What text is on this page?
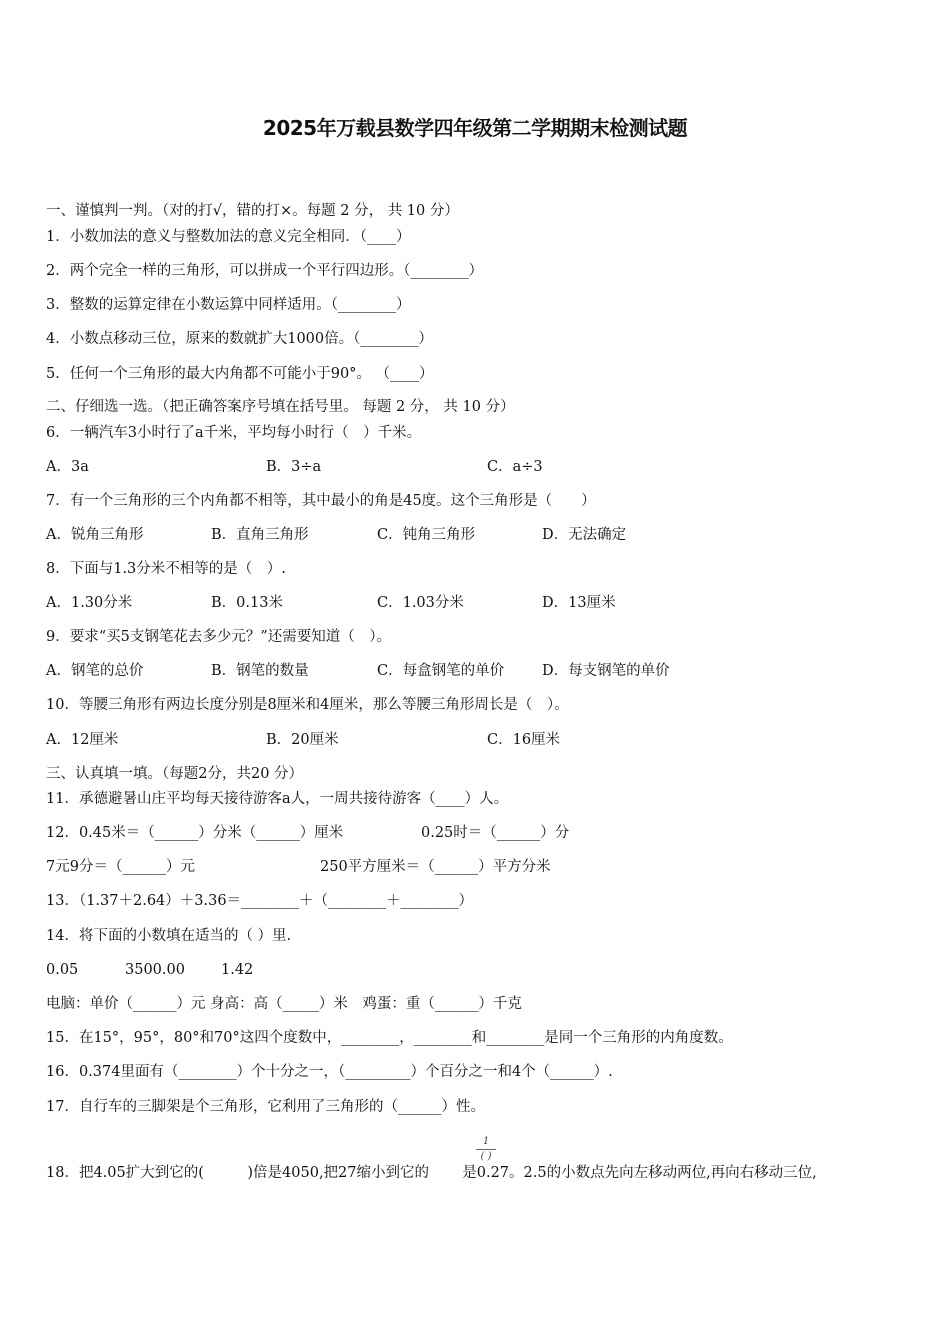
2025年万载县数学四年级第二学期期末检测试题
一、谨慎判一判。（对的打√，错的打×。每题 2 分， 共 10 分）
1．小数加法的意义与整数加法的意义完全相同．（____）
2．两个完全一样的三角形，可以拼成一个平行四边形。（________）
3．整数的运算定律在小数运算中同样适用。（________）
4．小数点移动三位，原来的数就扩大1000倍。（________）
5．任何一个三角形的最大内角都不可能小于90°。 （____）
二、仔细选一选。（把正确答案序号填在括号里。 每题 2 分， 共 10 分）
6．一辆汽车3小时行了a千米，平均每小时行（　）千米。
A．3a	B．3÷a	C．a÷3
7．有一个三角形的三个内角都不相等，其中最小的角是45度。这个三角形是（　　）
A．锐角三角形	B．直角三角形	C．钝角三角形	D．无法确定
8．下面与1.3分米不相等的是（　）.
A．1.30分米	B．0.13米	C．1.03分米	D．13厘米
9．要求“买5支钢笔花去多少元？”还需要知道（　）。
A．钢笔的总价	B．钢笔的数量	C．每盒钢笔的单价	D．每支钢笔的单价
10．等腰三角形有两边长度分别是8厘米和4厘米，那么等腰三角形周长是（　）。
A．12厘米	B．20厘米	C．16厘米
三、认真填一填。（每题2分，共20 分）
11．承德避暑山庄平均每天接待游客a人，一周共接待游客（____）人。
12．0.45米＝（______）分米（______）厘米	0.25时＝（______）分
7元9分＝（______）元	250平方厘米＝（______）平方分米
13．（1.37＋2.64）＋3.36＝________＋（________＋________）
14．将下面的小数填在适当的（ ）里.
0.05	3500.00 1.42
电脑：单价（______）元 身高：高（_____）米　鸡蛋：重（______）千克
15．在15°，95°，80°和70°这四个度数中，________，________和________是同一个三角形的内角度数。
16．0.374里面有（________）个十分之一，（_________）个百分之一和4个（______）.
17．自行车的三脚架是个三角形，它利用了三角形的（______）性。
18．把4.05扩大到它的(　　　)倍是4050,把27缩小到它的 是0.27。2.5的小数点先向左移动两位,再向右移动三位,
1
( )
